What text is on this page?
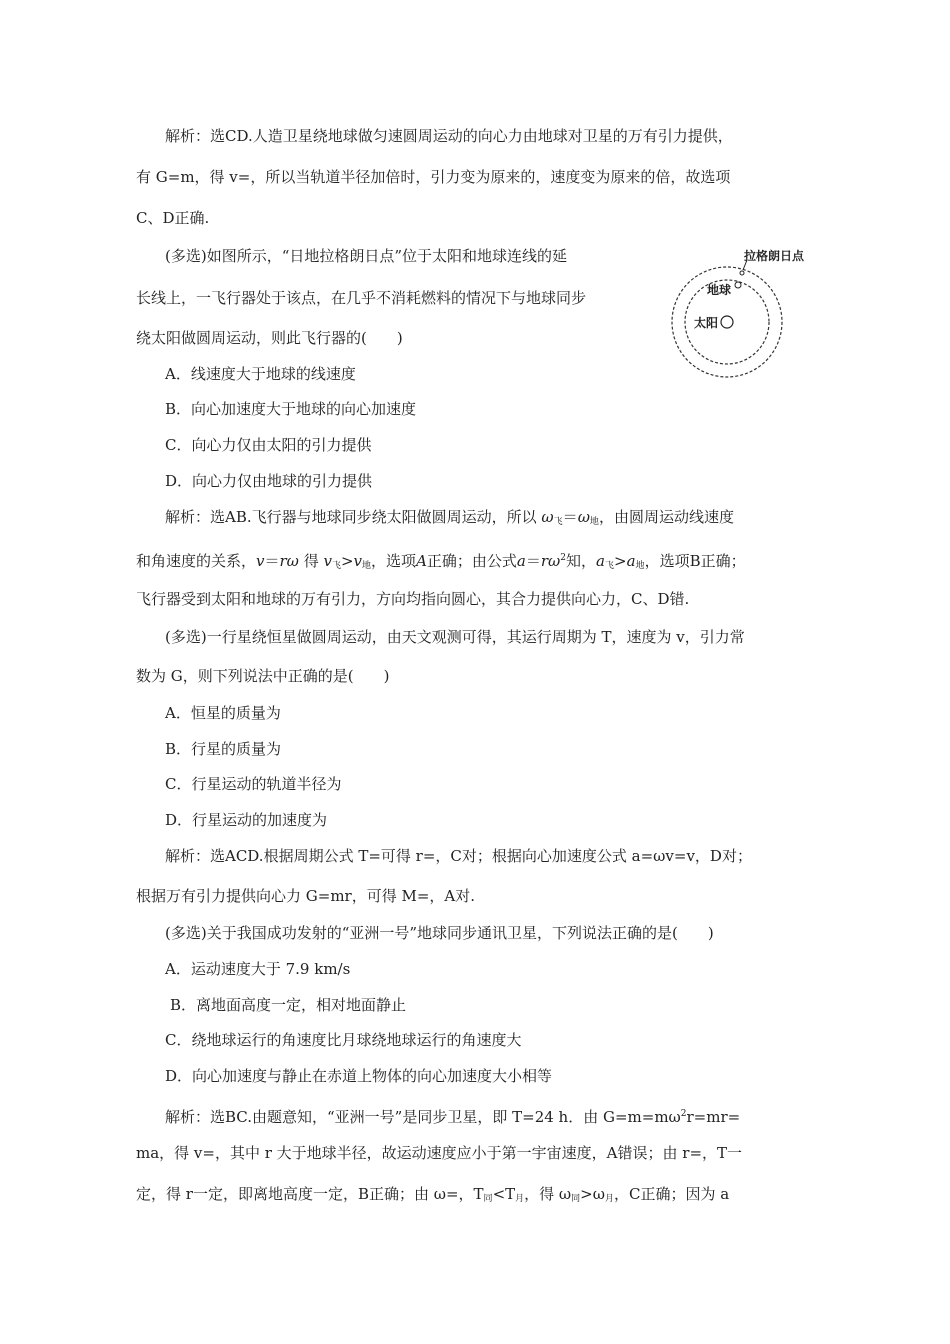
解析：选CD.人造卫星绕地球做匀速圆周运动的向心力由地球对卫星的万有引力提供，
有 G=m，得 v=，所以当轨道半径加倍时，引力变为原来的，速度变为原来的倍，故选项
C、D正确.
(多选)如图所示，“日地拉格朗日点”位于太阳和地球连线的延
长线上，一飞行器处于该点，在几乎不消耗燃料的情况下与地球同步
绕太阳做圆周运动，则此飞行器的(　　)
拉格朗日点
地球
太阳
A．线速度大于地球的线速度
B．向心加速度大于地球的向心加速度
C．向心力仅由太阳的引力提供
D．向心力仅由地球的引力提供
解析：选AB.飞行器与地球同步绕太阳做圆周运动，所以 $\omega_飞=\omega_地$，由圆周运动线速度
和角速度的关系，v＝rω 得 $v_飞>v_地$，选项A正确；由公式$a=r\omega^2$知，$a_飞>a_地$，选项B正确；
飞行器受到太阳和地球的万有引力，方向均指向圆心，其合力提供向心力，C、D错.
(多选)一行星绕恒星做圆周运动，由天文观测可得，其运行周期为 T，速度为 v，引力常
数为 G，则下列说法中正确的是(　　)
A．恒星的质量为
B．行星的质量为
C．行星运动的轨道半径为
D．行星运动的加速度为
解析：选ACD.根据周期公式 T=可得 r=，C对；根据向心加速度公式 a=ωv=v，D对；
根据万有引力提供向心力 G=mr，可得 M=，A对.
(多选)关于我国成功发射的“亚洲一号”地球同步通讯卫星，下列说法正确的是(　　)
A．运动速度大于 7.9 km/s
B．离地面高度一定，相对地面静止
C．绕地球运行的角速度比月球绕地球运行的角速度大
D．向心加速度与静止在赤道上物体的向心加速度大小相等
解析：选BC.由题意知，“亚洲一号”是同步卫星，即 T=24 h．由 $G=m=m\omega^2r=mr=$
ma，得 v=，其中 r 大于地球半径，故运动速度应小于第一宇宙速度，A错误；由 r=，T一
定，得 r一定，即离地高度一定，B正确；由 ω=，$T_同<T_月$，得 $\omega_同>\omega_月$，C正确；因为 a
